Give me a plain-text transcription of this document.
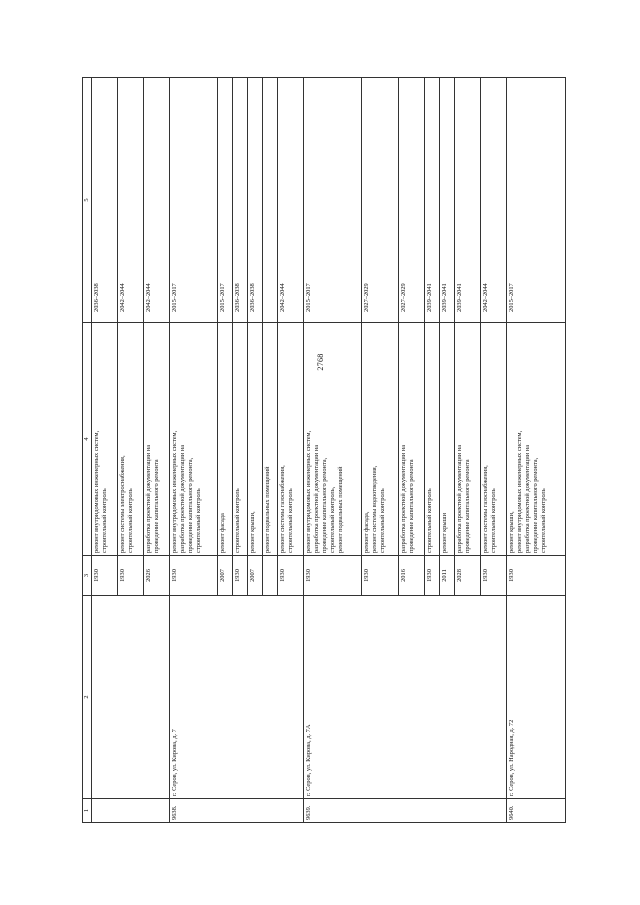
2768
1	2	3	4	5
		1930	ремонт внутридомовых инженерных систем, строительный контроль	2036–2038
		1930	ремонт системы электроснабжения, строительный контроль	2042–2044
		2026	разработка проектной документации на проведение капитального ремонта	2042–2044
9638.	г. Серов, ул. Кирова, д. 7	1930	ремонт внутридомовых инженерных систем, разработка проектной документации на проведение капитального ремонта, строительный контроль	2015–2017
		2007	ремонт фасада	2015–2017
		1930	строительный контроль	2036–2038
		2007	ремонт крыши,	2036–2038

			ремонт подвальных помещений	

		1930	ремонт системы газоснабжения, строительный контроль	2042–2044
9639.	г. Серов, ул. Кирова, д. 7А	1930	ремонт внутридомовых инженерных систем, разработка проектной документации на проведение капитального ремонта, строительный контроль, ремонт подвальных помещений	2015–2017
		1930	ремонт фасада, ремонт системы водоотведения, строительный контроль	2027–2029
		2016	разработка проектной документации на проведение капитального ремонта	2027–2029
		1930	строительный контроль	2039–2041
		2011	ремонт крыши	2039–2041
		2028	разработка проектной документации на проведение капитального ремонта	2039–2041
		1930	ремонт системы газоснабжения, строительный контроль	2042–2044
9640.	г. Серов, ул. Народная, д. 72	1930	ремонт крыши, ремонт внутридомовых инженерных систем, разработка проектной документации на проведение капитального ремонта, строительный контроль	2015–2017
